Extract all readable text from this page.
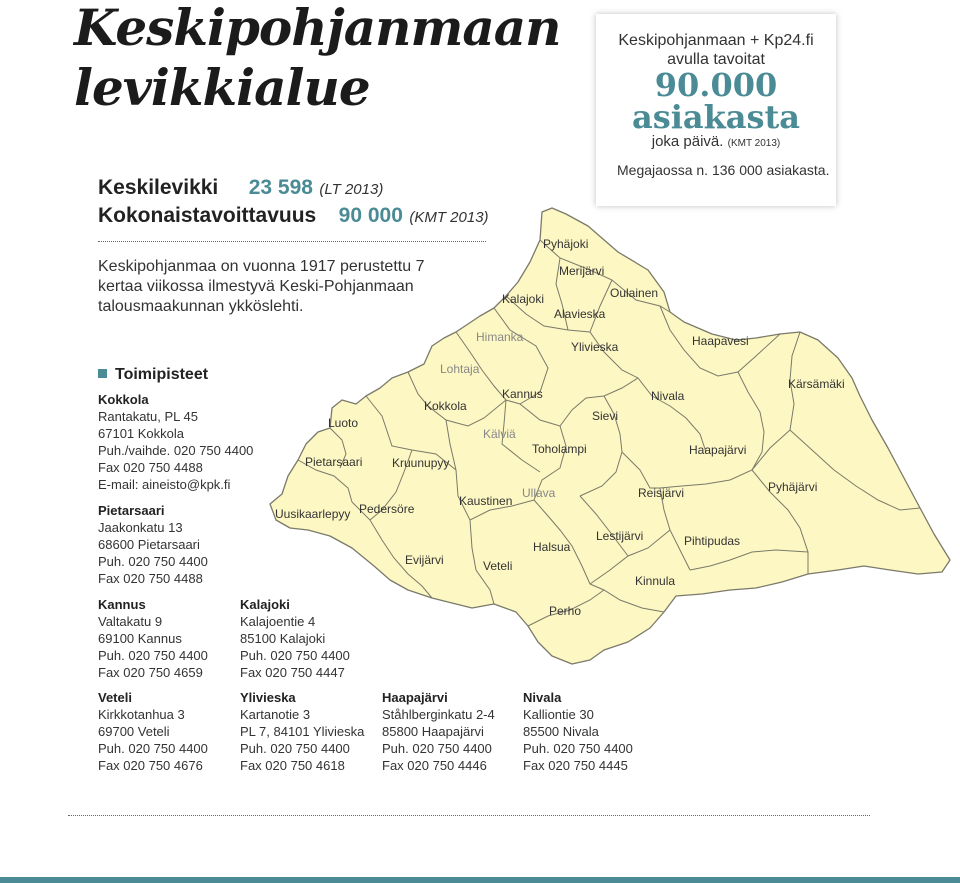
Keskipohjanmaan
levikkialue
Keskilevikki 23 598 (LT 2013)
Kokonaistavoittavuus 90 000 (KMT 2013)
Keskipohjanmaa on vuonna 1917 perustettu 7 kertaa viikossa ilmestyvä Keski-Pohjanmaan talousmaakunnan ykköslehti.
Keskipohjanmaan + Kp24.fi
avulla tavoitat
90.000
asiakasta
joka päivä. (KMT 2013)
Megajaossa n. 136 000 asiakasta.
Toimipisteet
Kokkola
Rantakatu, PL 45
67101 Kokkola
Puh./vaihde. 020 750 4400
Fax 020 750 4488
E-mail: aineisto@kpk.fi
Pietarsaari
Jaakonkatu 13
68600 Pietarsaari
Puh. 020 750 4400
Fax 020 750 4488
Kannus
Valtakatu 9
69100 Kannus
Puh. 020 750 4400
Fax 020 750 4659
Kalajoki
Kalajoentie 4
85100 Kalajoki
Puh. 020 750 4400
Fax 020 750 4447
Veteli
Kirkkotanhua 3
69700 Veteli
Puh. 020 750 4400
Fax 020 750 4676
Ylivieska
Kartanotie 3
PL 7, 84101 Ylivieska
Puh. 020 750 4400
Fax 020 750 4618
Haapajärvi
Ståhlberginkatu 2-4
85800 Haapajärvi
Puh. 020 750 4400
Fax 020 750 4446
Nivala
Kalliontie 30
85500 Nivala
Puh. 020 750 4400
Fax 020 750 4445
Pyhäjoki
Merijärvi
Oulainen
Kalajoki
Alavieska
Himanka
Ylivieska	Haapavesi
Lohtaja
Kannus	Nivala
Kärsämäki
Kokkola
Sievi
Luoto
Kälviä
Toholampi	Haapajärvi
Pietarsaari Kruunupyy
Ullava	Reisjärvi	Pyhäjärvi
Kaustinen
Uusikaarlepyy Pedersöre
Lestijärvi
Halsua	Pihtipudas
Evijärvi	Veteli
Kinnula
Perho
